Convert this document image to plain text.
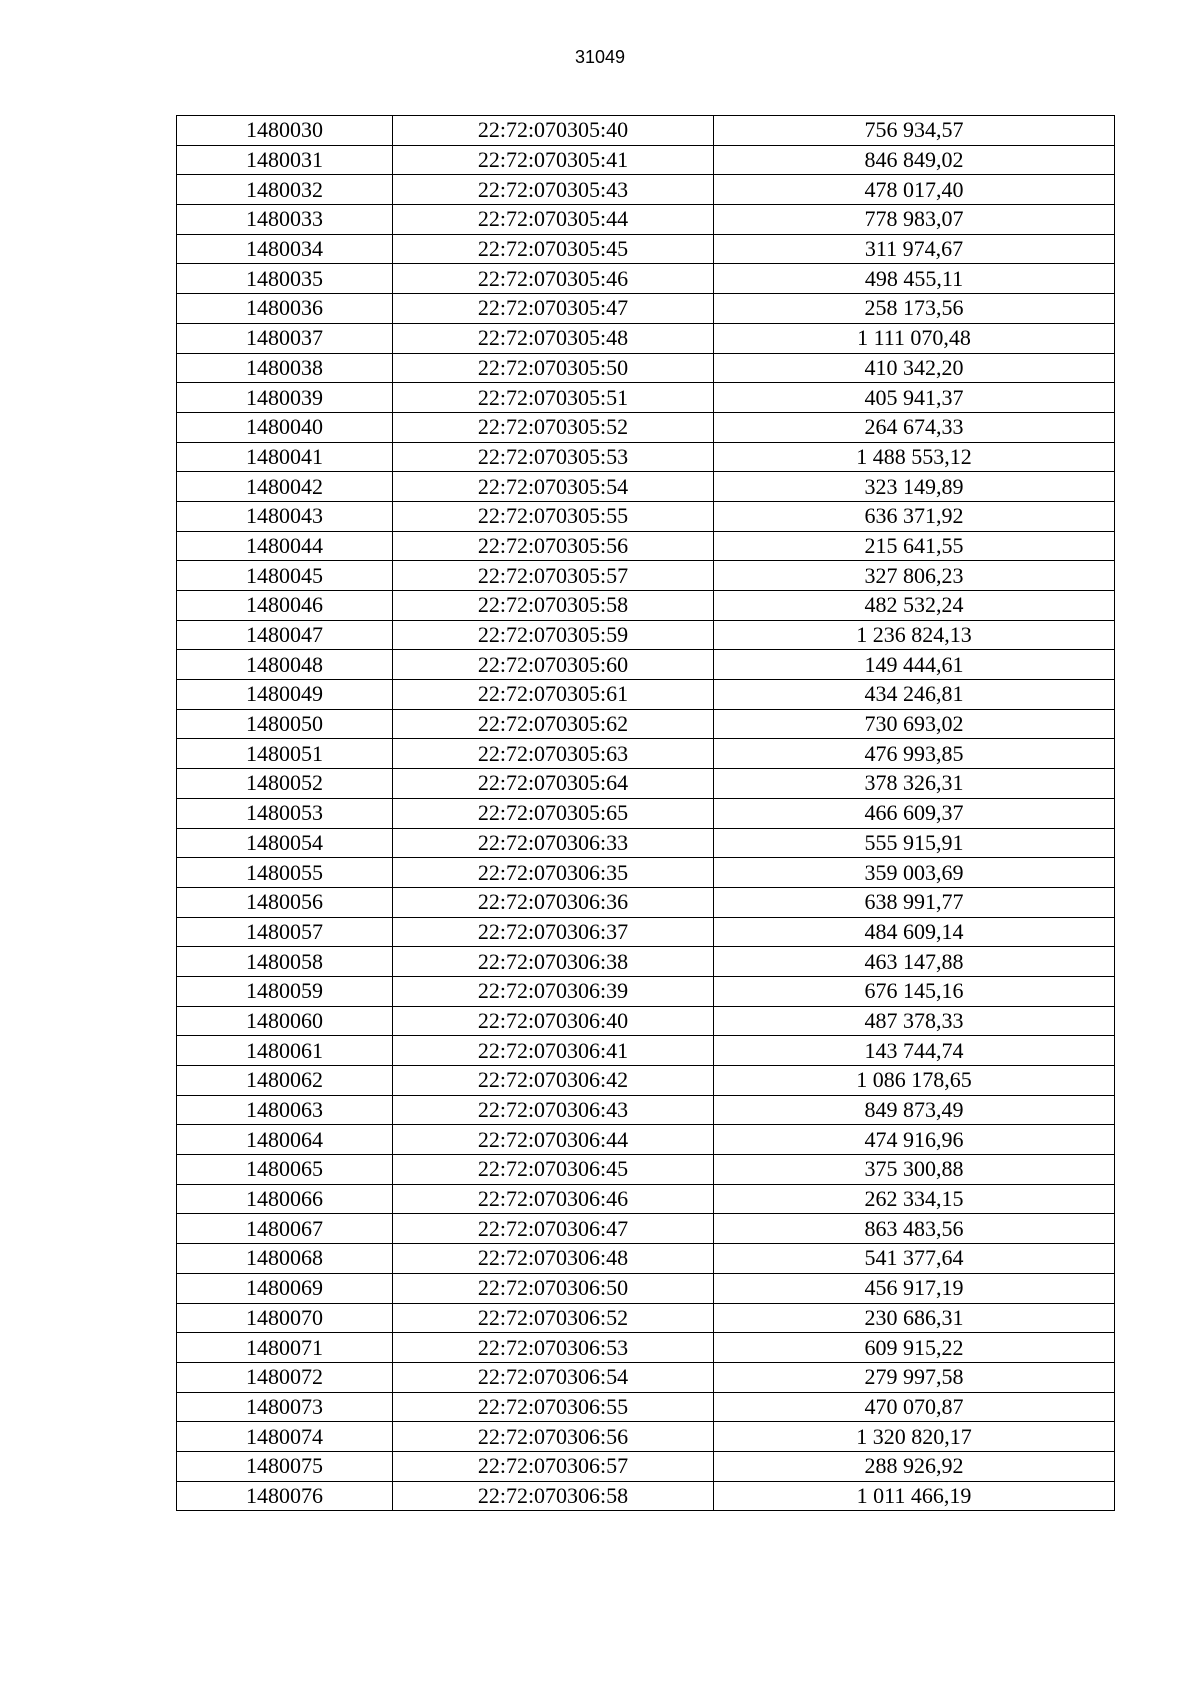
31049
1480030	22:72:070305:40	756 934,57
1480031	22:72:070305:41	846 849,02
1480032	22:72:070305:43	478 017,40
1480033	22:72:070305:44	778 983,07
1480034	22:72:070305:45	311 974,67
1480035	22:72:070305:46	498 455,11
1480036	22:72:070305:47	258 173,56
1480037	22:72:070305:48	1 111 070,48
1480038	22:72:070305:50	410 342,20
1480039	22:72:070305:51	405 941,37
1480040	22:72:070305:52	264 674,33
1480041	22:72:070305:53	1 488 553,12
1480042	22:72:070305:54	323 149,89
1480043	22:72:070305:55	636 371,92
1480044	22:72:070305:56	215 641,55
1480045	22:72:070305:57	327 806,23
1480046	22:72:070305:58	482 532,24
1480047	22:72:070305:59	1 236 824,13
1480048	22:72:070305:60	149 444,61
1480049	22:72:070305:61	434 246,81
1480050	22:72:070305:62	730 693,02
1480051	22:72:070305:63	476 993,85
1480052	22:72:070305:64	378 326,31
1480053	22:72:070305:65	466 609,37
1480054	22:72:070306:33	555 915,91
1480055	22:72:070306:35	359 003,69
1480056	22:72:070306:36	638 991,77
1480057	22:72:070306:37	484 609,14
1480058	22:72:070306:38	463 147,88
1480059	22:72:070306:39	676 145,16
1480060	22:72:070306:40	487 378,33
1480061	22:72:070306:41	143 744,74
1480062	22:72:070306:42	1 086 178,65
1480063	22:72:070306:43	849 873,49
1480064	22:72:070306:44	474 916,96
1480065	22:72:070306:45	375 300,88
1480066	22:72:070306:46	262 334,15
1480067	22:72:070306:47	863 483,56
1480068	22:72:070306:48	541 377,64
1480069	22:72:070306:50	456 917,19
1480070	22:72:070306:52	230 686,31
1480071	22:72:070306:53	609 915,22
1480072	22:72:070306:54	279 997,58
1480073	22:72:070306:55	470 070,87
1480074	22:72:070306:56	1 320 820,17
1480075	22:72:070306:57	288 926,92
1480076	22:72:070306:58	1 011 466,19
